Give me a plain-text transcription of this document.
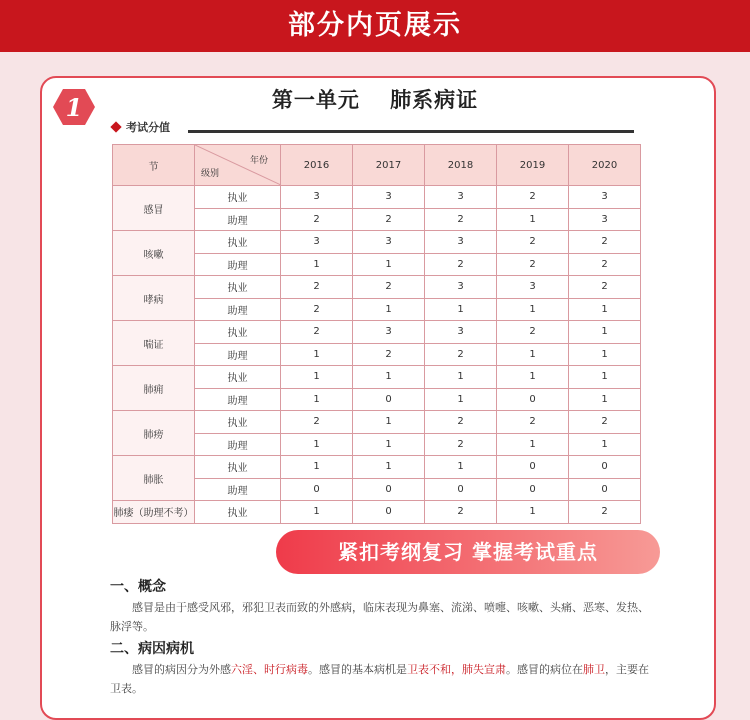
部分内页展示
1	第一单元　 肺系病证
考试分值
节	年份
级别	2016	2017	2018	2019	2020
感冒	执业	3	3	3	2	3
	助理	2	2	2	1	3
咳嗽	执业	3	3	3	2	2
	助理	1	1	2	2	2
哮病	执业	2	2	3	3	2
	助理	2	1	1	1	1
喘证	执业	2	3	3	2	1
	助理	1	2	2	1	1
肺痈	执业	1	1	1	1	1
	助理	1	0	1	0	1
肺痨	执业	2	1	2	2	2
	助理	1	1	2	1	1
肺胀	执业	1	1	1	0	0
	助理	0	0	0	0	0
肺痿（助理不考）	执业	1	0	2	1	2
紧扣考纲复习 掌握考试重点
一、概念
感冒是由于感受风邪，邪犯卫表而致的外感病，临床表现为鼻塞、流涕、喷嚏、咳嗽、头痛、恶寒、发热、脉浮等。
二、病因病机
感冒的病因分为外感六淫、时行病毒。感冒的基本病机是卫表不和，肺失宣肃。感冒的病位在肺卫，主要在卫表。
